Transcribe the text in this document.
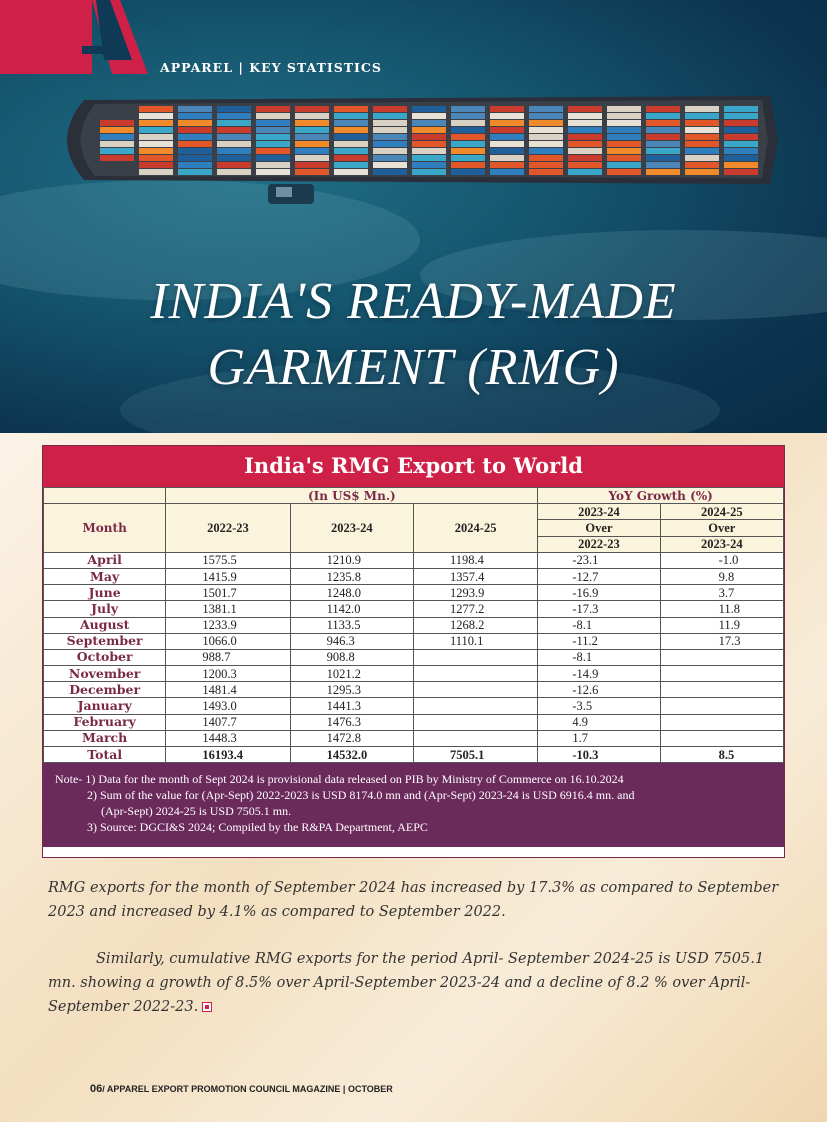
APPAREL | KEY STATISTICS
INDIA'S READY-MADE
GARMENT (RMG)
India's RMG Export to World
	(In US$ Mn.)			YoY Growth (%)	
Month	2022-23	2023-24	2024-25	2023-24	2024-25
				Over	Over
				2022-23	2023-24
April	1575.5	1210.9	1198.4	-23.1	-1.0
May	1415.9	1235.8	1357.4	-12.7	9.8
June	1501.7	1248.0	1293.9	-16.9	3.7
July	1381.1	1142.0	1277.2	-17.3	11.8
August	1233.9	1133.5	1268.2	-8.1	11.9
September	1066.0	946.3	1110.1	-11.2	17.3
October	988.7	908.8		-8.1	
November	1200.3	1021.2		-14.9	
December	1481.4	1295.3		-12.6	
January	1493.0	1441.3		-3.5	
February	1407.7	1476.3		4.9	
March	1448.3	1472.8		1.7	
Total	16193.4	14532.0	7505.1	-10.3	8.5
Note- 1) Data for the month of Sept 2024 is provisional data released on PIB by Ministry of Commerce on 16.10.2024
2) Sum of the value for (Apr-Sept) 2022-2023 is USD 8174.0 mn and (Apr-Sept) 2023-24 is USD 6916.4 mn. and
(Apr-Sept) 2024-25 is USD 7505.1 mn.
3) Source: DGCI&S 2024; Compiled by the R&PA Department, AEPC
RMG exports for the month of September 2024 has increased by 17.3% as compared to September 2023 and increased by 4.1% as compared to September 2022.
Similarly, cumulative RMG exports for the period April- September 2024-25 is USD 7505.1 mn. showing a growth of 8.5% over April-September 2023-24 and a decline of 8.2 % over April-September 2022-23.
06/ APPAREL EXPORT PROMOTION COUNCIL MAGAZINE | OCTOBER
